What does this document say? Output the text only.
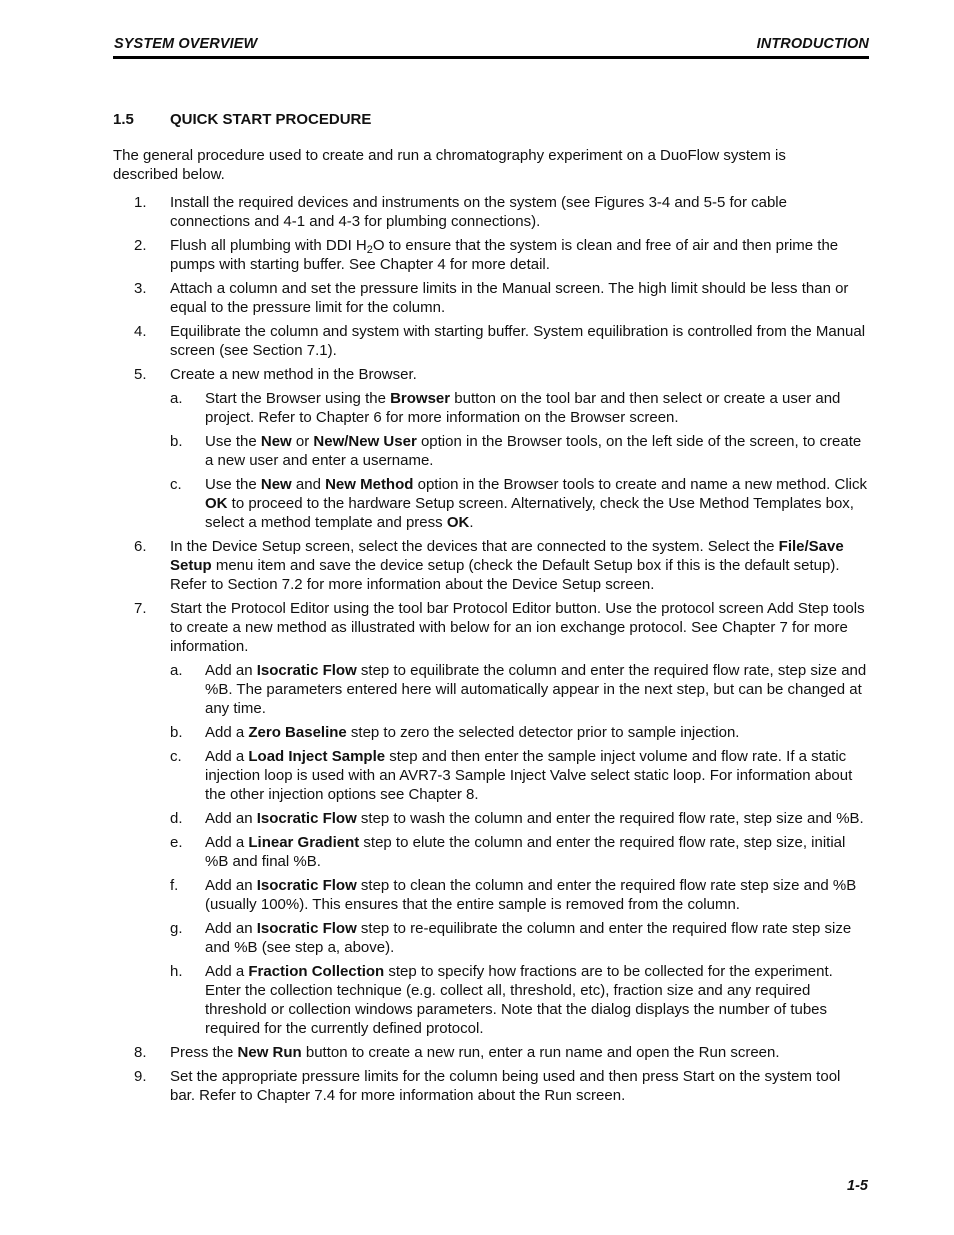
SYSTEM OVERVIEW	INTRODUCTION
1.5 QUICK START PROCEDURE
The general procedure used to create and run a chromatography experiment on a DuoFlow system is described below.
1.	Install the required devices and instruments on the system (see Figures 3-4 and 5-5 for cable connections and 4-1 and 4-3 for plumbing connections).
2.	Flush all plumbing with DDI $H_2O$ to ensure that the system is clean and free of air and then prime the pumps with starting buffer. See Chapter 4 for more detail.
3.	Attach a column and set the pressure limits in the Manual screen. The high limit should be less than or equal to the pressure limit for the column.
4.	Equilibrate the column and system with starting buffer. System equilibration is controlled from the Manual screen (see Section 7.1).
5.	Create a new method in the Browser.
a.	Start the Browser using the Browser button on the tool bar and then select or create a user and project. Refer to Chapter 6 for more information on the Browser screen.
b.	Use the New or New/New User option in the Browser tools, on the left side of the screen, to create a new user and enter a username.
c.	Use the New and New Method option in the Browser tools to create and name a new method. Click OK to proceed to the hardware Setup screen. Alternatively, check the Use Method Templates box, select a method template and press OK.
6.	In the Device Setup screen, select the devices that are connected to the system. Select the File/Save Setup menu item and save the device setup (check the Default Setup box if this is the default setup). Refer to Section 7.2 for more information about the Device Setup screen.
7.	Start the Protocol Editor using the tool bar Protocol Editor button. Use the protocol screen Add Step tools to create a new method as illustrated with below for an ion exchange protocol. See Chapter 7 for more information.
a.	Add an Isocratic Flow step to equilibrate the column and enter the required flow rate, step size and %B. The parameters entered here will automatically appear in the next step, but can be changed at any time.
b.	Add a Zero Baseline step to zero the selected detector prior to sample injection.
c.	Add a Load Inject Sample step and then enter the sample inject volume and flow rate. If a static injection loop is used with an AVR7-3 Sample Inject Valve select static loop. For information about the other injection options see Chapter 8.
d.	Add an Isocratic Flow step to wash the column and enter the required flow rate, step size and %B.
e.	Add a Linear Gradient step to elute the column and enter the required flow rate, step size, initial %B and final %B.
f.	Add an Isocratic Flow step to clean the column and enter the required flow rate step size and %B (usually 100%). This ensures that the entire sample is removed from the column.
g.	Add an Isocratic Flow step to re-equilibrate the column and enter the required flow rate step size and %B (see step a, above).
h.	Add a Fraction Collection step to specify how fractions are to be collected for the experiment. Enter the collection technique (e.g. collect all, threshold, etc), fraction size and any required threshold or collection windows parameters. Note that the dialog displays the number of tubes required for the currently defined protocol.
8.	Press the New Run button to create a new run, enter a run name and open the Run screen.
9.	Set the appropriate pressure limits for the column being used and then press Start on the system tool bar. Refer to Chapter 7.4 for more information about the Run screen.
1-5
